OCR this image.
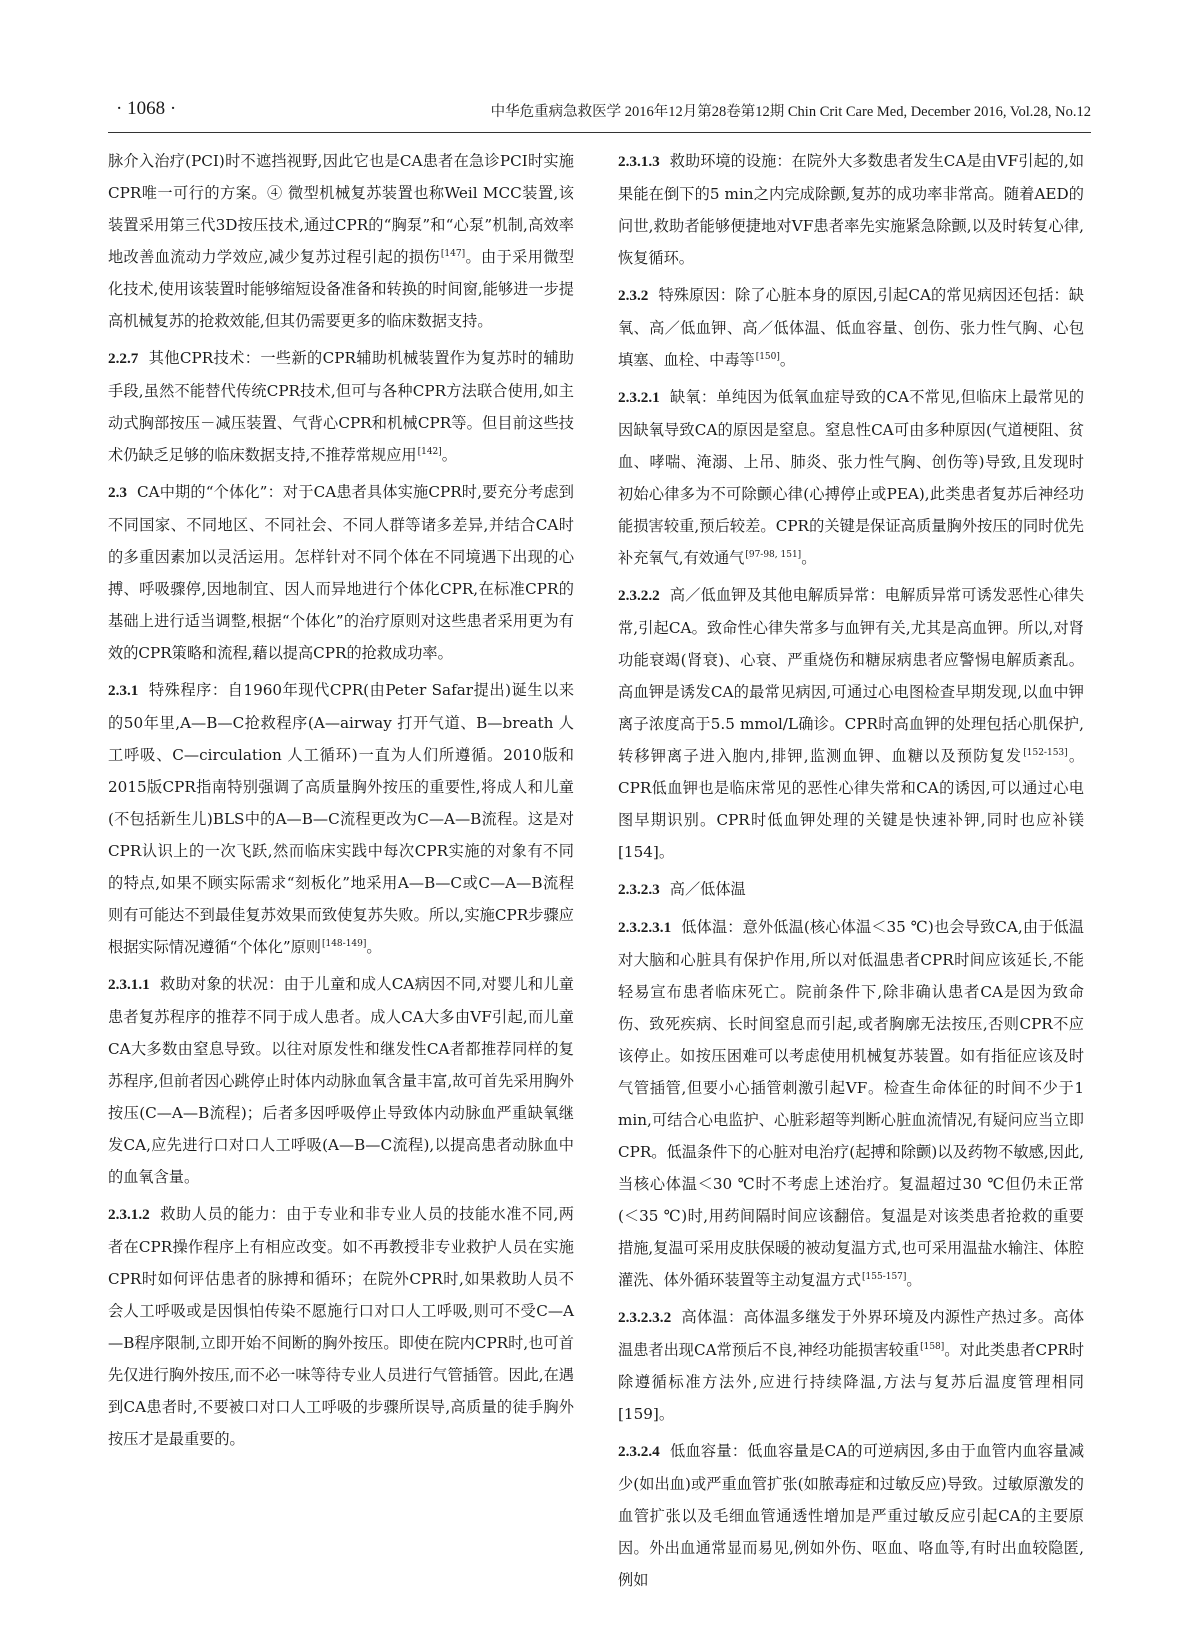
· 1068 ·	中华危重病急救医学 2016年12月第28卷第12期 Chin Crit Care Med, December 2016, Vol.28, No.12

脉介入治疗(PCI)时不遮挡视野,因此它也是CA患者在急诊PCI时实施CPR唯一可行的方案。④ 微型机械复苏装置也称Weil MCC装置,该装置采用第三代3D按压技术,通过CPR的“胸泵”和“心泵”机制,高效率地改善血流动力学效应,减少复苏过程引起的损伤[147]。由于采用微型化技术,使用该装置时能够缩短设备准备和转换的时间窗,能够进一步提高机械复苏的抢救效能,但其仍需要更多的临床数据支持。

2.2.7 其他CPR技术：一些新的CPR辅助机械装置作为复苏时的辅助手段,虽然不能替代传统CPR技术,但可与各种CPR方法联合使用,如主动式胸部按压－减压装置、气背心CPR和机械CPR等。但目前这些技术仍缺乏足够的临床数据支持,不推荐常规应用[142]。

2.3 CA中期的“个体化”：对于CA患者具体实施CPR时,要充分考虑到不同国家、不同地区、不同社会、不同人群等诸多差异,并结合CA时的多重因素加以灵活运用。怎样针对不同个体在不同境遇下出现的心搏、呼吸骤停,因地制宜、因人而异地进行个体化CPR,在标准CPR的基础上进行适当调整,根据“个体化”的治疗原则对这些患者采用更为有效的CPR策略和流程,藉以提高CPR的抢救成功率。

2.3.1 特殊程序：自1960年现代CPR(由Peter Safar提出)诞生以来的50年里,A—B—C抢救程序(A—airway 打开气道、B—breath 人工呼吸、C—circulation 人工循环)一直为人们所遵循。2010版和2015版CPR指南特别强调了高质量胸外按压的重要性,将成人和儿童(不包括新生儿)BLS中的A—B—C流程更改为C—A—B流程。这是对CPR认识上的一次飞跃,然而临床实践中每次CPR实施的对象有不同的特点,如果不顾实际需求“刻板化”地采用A—B—C或C—A—B流程则有可能达不到最佳复苏效果而致使复苏失败。所以,实施CPR步骤应根据实际情况遵循“个体化”原则[148-149]。

2.3.1.1 救助对象的状况：由于儿童和成人CA病因不同,对婴儿和儿童患者复苏程序的推荐不同于成人患者。成人CA大多由VF引起,而儿童CA大多数由窒息导致。以往对原发性和继发性CA者都推荐同样的复苏程序,但前者因心跳停止时体内动脉血氧含量丰富,故可首先采用胸外按压(C—A—B流程)；后者多因呼吸停止导致体内动脉血严重缺氧继发CA,应先进行口对口人工呼吸(A—B—C流程),以提高患者动脉血中的血氧含量。

2.3.1.2 救助人员的能力：由于专业和非专业人员的技能水准不同,两者在CPR操作程序上有相应改变。如不再教授非专业救护人员在实施CPR时如何评估患者的脉搏和循环；在院外CPR时,如果救助人员不会人工呼吸或是因惧怕传染不愿施行口对口人工呼吸,则可不受C—A—B程序限制,立即开始不间断的胸外按压。即使在院内CPR时,也可首先仅进行胸外按压,而不必一味等待专业人员进行气管插管。因此,在遇到CA患者时,不要被口对口人工呼吸的步骤所误导,高质量的徒手胸外按压才是最重要的。

2.3.1.3 救助环境的设施：在院外大多数患者发生CA是由VF引起的,如果能在倒下的5 min之内完成除颤,复苏的成功率非常高。随着AED的问世,救助者能够便捷地对VF患者率先实施紧急除颤,以及时转复心律,恢复循环。

2.3.2 特殊原因：除了心脏本身的原因,引起CA的常见病因还包括：缺氧、高／低血钾、高／低体温、低血容量、创伤、张力性气胸、心包填塞、血栓、中毒等[150]。

2.3.2.1 缺氧：单纯因为低氧血症导致的CA不常见,但临床上最常见的因缺氧导致CA的原因是窒息。窒息性CA可由多种原因(气道梗阻、贫血、哮喘、淹溺、上吊、肺炎、张力性气胸、创伤等)导致,且发现时初始心律多为不可除颤心律(心搏停止或PEA),此类患者复苏后神经功能损害较重,预后较差。CPR的关键是保证高质量胸外按压的同时优先补充氧气,有效通气[97-98, 151]。

2.3.2.2 高／低血钾及其他电解质异常：电解质异常可诱发恶性心律失常,引起CA。致命性心律失常多与血钾有关,尤其是高血钾。所以,对肾功能衰竭(肾衰)、心衰、严重烧伤和糖尿病患者应警惕电解质紊乱。高血钾是诱发CA的最常见病因,可通过心电图检查早期发现,以血中钾离子浓度高于5.5 mmol/L确诊。CPR时高血钾的处理包括心肌保护,转移钾离子进入胞内,排钾,监测血钾、血糖以及预防复发[152-153]。CPR低血钾也是临床常见的恶性心律失常和CA的诱因,可以通过心电图早期识别。CPR时低血钾处理的关键是快速补钾,同时也应补镁[154]。

2.3.2.3 高／低体温

2.3.2.3.1 低体温：意外低温(核心体温＜35 ℃)也会导致CA,由于低温对大脑和心脏具有保护作用,所以对低温患者CPR时间应该延长,不能轻易宣布患者临床死亡。院前条件下,除非确认患者CA是因为致命伤、致死疾病、长时间窒息而引起,或者胸廓无法按压,否则CPR不应该停止。如按压困难可以考虑使用机械复苏装置。如有指征应该及时气管插管,但要小心插管刺激引起VF。检查生命体征的时间不少于1 min,可结合心电监护、心脏彩超等判断心脏血流情况,有疑问应当立即CPR。低温条件下的心脏对电治疗(起搏和除颤)以及药物不敏感,因此,当核心体温＜30 ℃时不考虑上述治疗。复温超过30 ℃但仍未正常(＜35 ℃)时,用药间隔时间应该翻倍。复温是对该类患者抢救的重要措施,复温可采用皮肤保暖的被动复温方式,也可采用温盐水输注、体腔灌洗、体外循环装置等主动复温方式[155-157]。

2.3.2.3.2 高体温：高体温多继发于外界环境及内源性产热过多。高体温患者出现CA常预后不良,神经功能损害较重[158]。对此类患者CPR时除遵循标准方法外,应进行持续降温,方法与复苏后温度管理相同[159]。

2.3.2.4 低血容量：低血容量是CA的可逆病因,多由于血管内血容量减少(如出血)或严重血管扩张(如脓毒症和过敏反应)导致。过敏原激发的血管扩张以及毛细血管通透性增加是严重过敏反应引起CA的主要原因。外出血通常显而易见,例如外伤、呕血、咯血等,有时出血较隐匿,例如
